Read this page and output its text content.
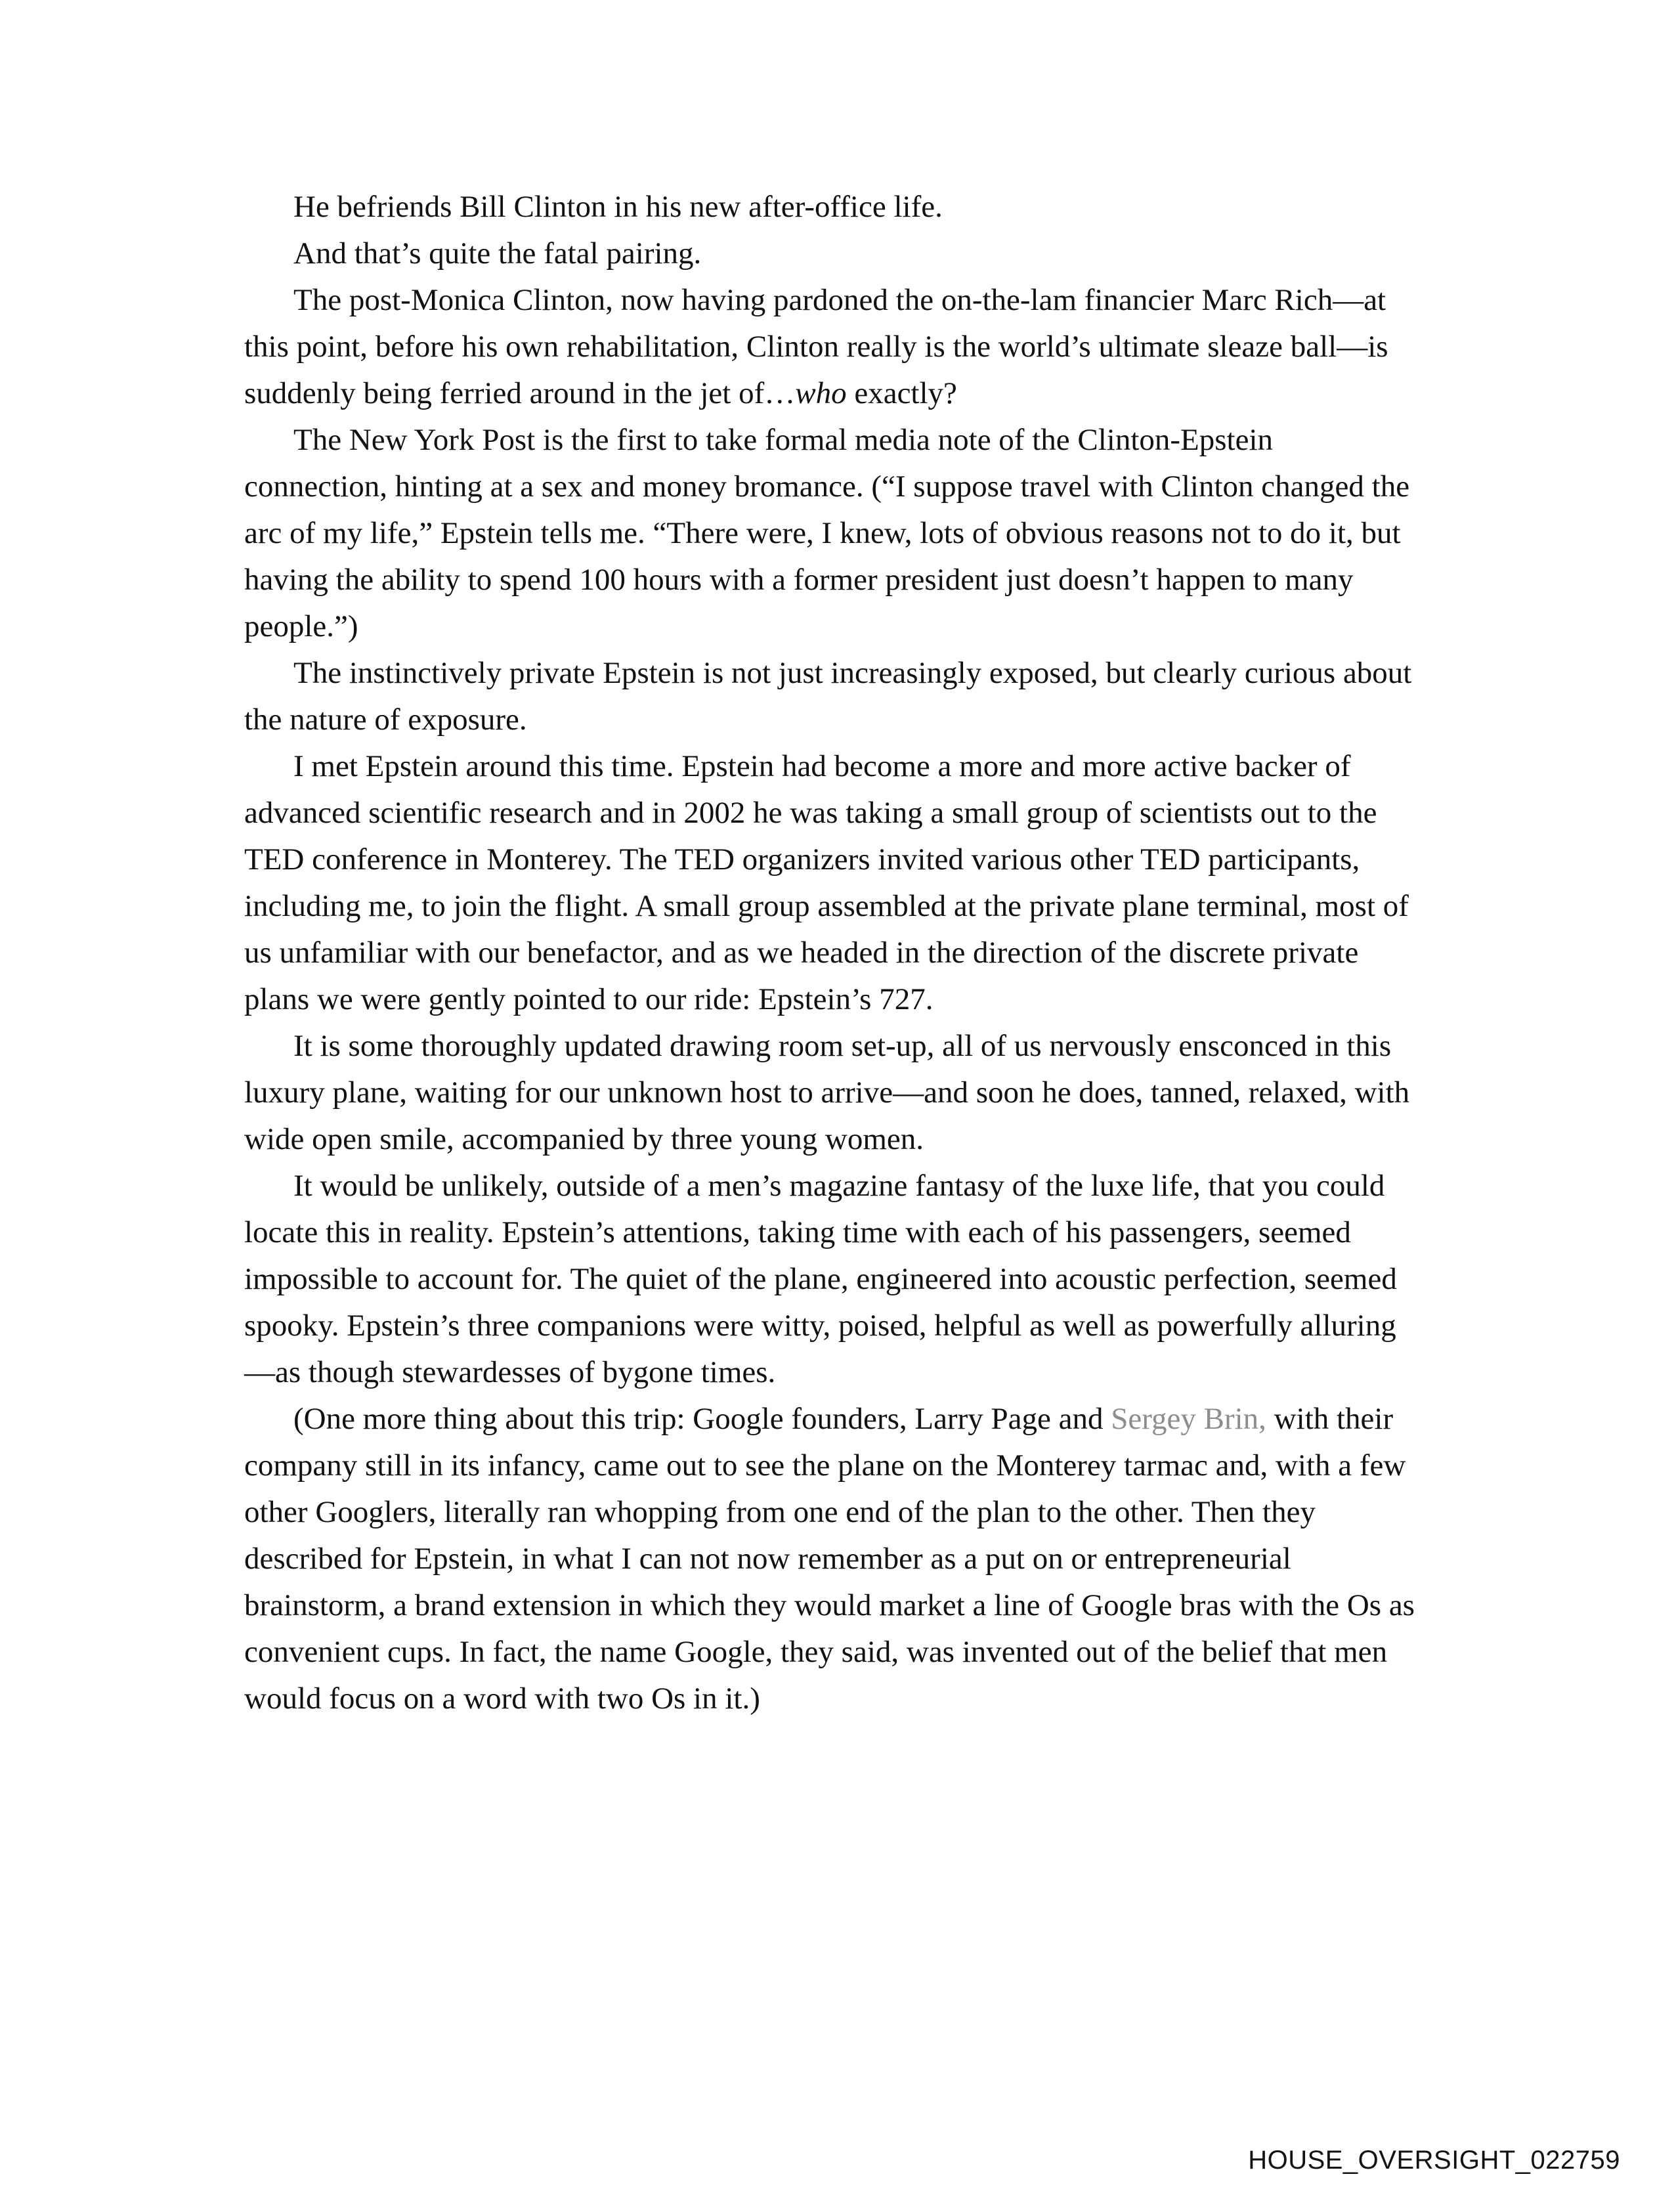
He befriends Bill Clinton in his new after-office life.

And that’s quite the fatal pairing.

The post-Monica Clinton, now having pardoned the on-the-lam financier Marc Rich—at this point, before his own rehabilitation, Clinton really is the world’s ultimate sleaze ball—is suddenly being ferried around in the jet of…who exactly?

The New York Post is the first to take formal media note of the Clinton-Epstein connection, hinting at a sex and money bromance. (“I suppose travel with Clinton changed the arc of my life,” Epstein tells me. “There were, I knew, lots of obvious reasons not to do it, but having the ability to spend 100 hours with a former president just doesn’t happen to many people.”)

The instinctively private Epstein is not just increasingly exposed, but clearly curious about the nature of exposure.

I met Epstein around this time. Epstein had become a more and more active backer of advanced scientific research and in 2002 he was taking a small group of scientists out to the TED conference in Monterey. The TED organizers invited various other TED participants, including me, to join the flight. A small group assembled at the private plane terminal, most of us unfamiliar with our benefactor, and as we headed in the direction of the discrete private plans we were gently pointed to our ride: Epstein’s 727.

It is some thoroughly updated drawing room set-up, all of us nervously ensconced in this luxury plane, waiting for our unknown host to arrive—and soon he does, tanned, relaxed, with wide open smile, accompanied by three young women.

It would be unlikely, outside of a men’s magazine fantasy of the luxe life, that you could locate this in reality. Epstein’s attentions, taking time with each of his passengers, seemed impossible to account for. The quiet of the plane, engineered into acoustic perfection, seemed spooky. Epstein’s three companions were witty, poised, helpful as well as powerfully alluring—as though stewardesses of bygone times.

(One more thing about this trip: Google founders, Larry Page and Sergey Brin, with their company still in its infancy, came out to see the plane on the Monterey tarmac and, with a few other Googlers, literally ran whopping from one end of the plan to the other. Then they described for Epstein, in what I can not now remember as a put on or entrepreneurial brainstorm, a brand extension in which they would market a line of Google bras with the Os as convenient cups. In fact, the name Google, they said, was invented out of the belief that men would focus on a word with two Os in it.)

HOUSE_OVERSIGHT_022759
